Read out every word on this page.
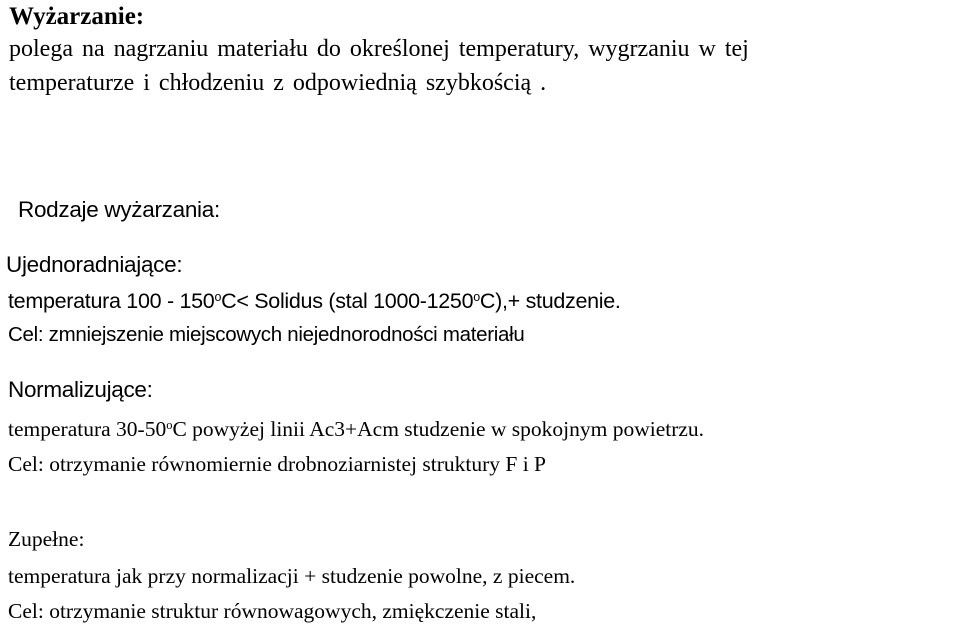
Wyżarzanie:
polega na nagrzaniu materiału do określonej temperatury, wygrzaniu w tej
temperaturze i chłodzeniu z odpowiednią szybkością .
Rodzaje wyżarzania:
Ujednoradniające:
temperatura $100 - 150^oC<$ Solidus (stal $1000-1250^oC),+$ studzenie.
Cel: zmniejszenie miejscowych niejednorodności materiału
Normalizujące:
temperatura 30-50$^o$C powyżej linii Ac3+Acm studzenie w spokojnym powietrzu.
Cel: otrzymanie równomiernie drobnoziarnistej struktury F i P
Zupełne:
temperatura jak przy normalizacji + studzenie powolne, z piecem.
Cel: otrzymanie struktur równowagowych, zmiękczenie stali,
